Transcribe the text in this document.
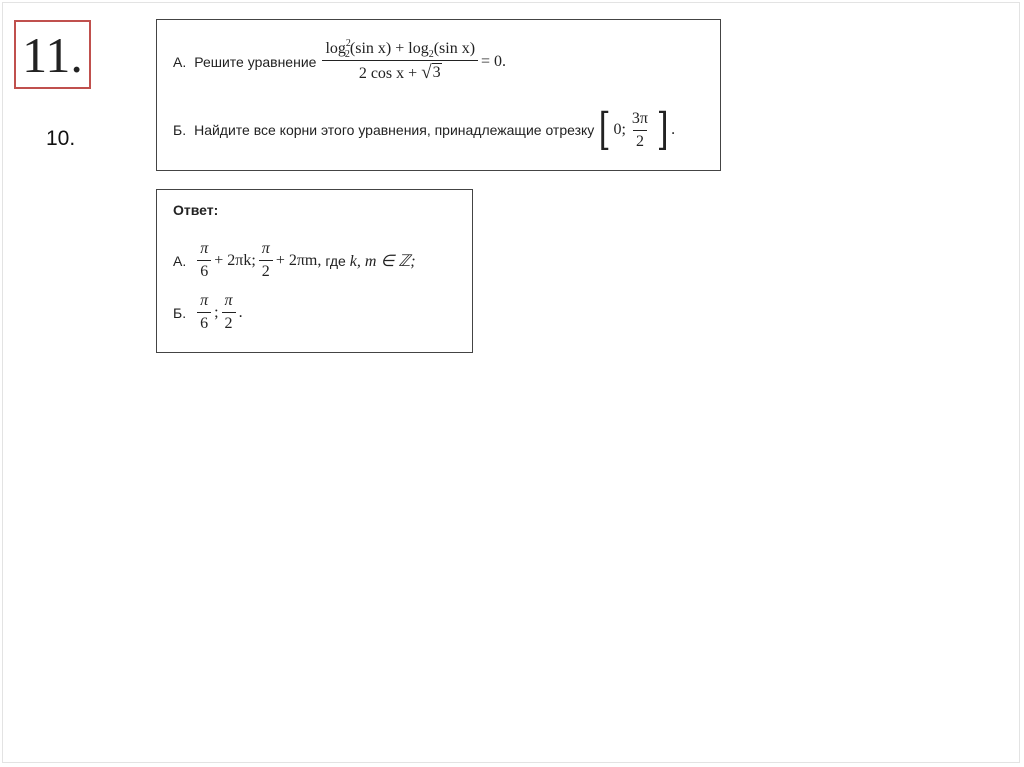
11.
10.
А. Решите уравнение $\frac{\log^2_2(\sin x) + \log_2(\sin x)}{\text{2 cos x + √ 3}} = 0$.
Б. Найдите все корни этого уравнения, принадлежащие отрезку [ 0; $\frac{3\pi}{2}$ ] .
Ответ:
А. $\frac{\pi}{6} + 2\pi k$; $\frac{\pi}{2} + 2\pi m$, где k, m ∈ ℤ;
Б. $\frac{\pi}{6}$ ; $\frac{\pi}{2}$ .
